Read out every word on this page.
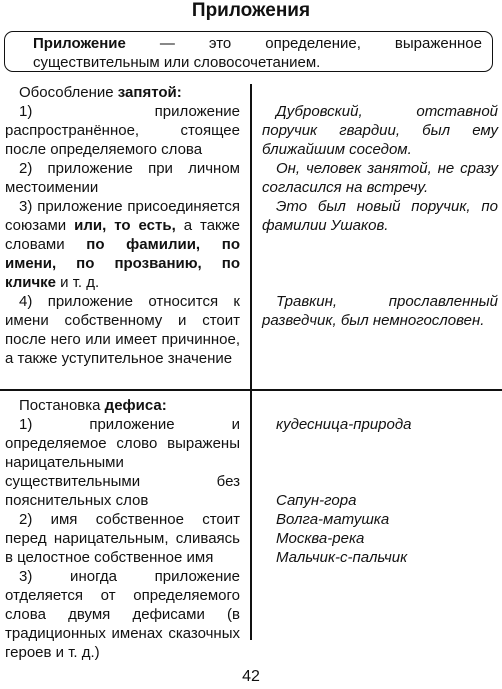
Приложения
Приложение — это определение, выраженное существительным или словосочетанием.

Обособление запятой:

1) приложение распространённое, стоящее после определяемого слова

2) приложение при личном местоимении

3) приложение присоединяется союзами или, то есть, а также словами по фамилии, по имени, по прозванию, по кличке и т. д.

4) приложение относится к имени собственному и стоит после него или имеет причинное, а также уступительное значение

Дубровский, отставной поручик гвардии, был ему ближайшим соседом.

Он, человек занятой, не сразу согласился на встречу.

Это был новый поручик, по фамилии Ушаков.

Травкин, прославленный разведчик, был немногословен.

Постановка дефиса:

1) приложение и определяемое слово выражены нарицательными существительными без пояснительных слов

2) имя собственное стоит перед нарицательным, сливаясь в целостное собственное имя

3) иногда приложение отделяется от определяемого слова двумя дефисами (в традиционных именах сказочных героев и т. д.)

кудесница-природа

Сапун-гора

Волга-матушка

Москва-река

Мальчик-с-пальчик

42
